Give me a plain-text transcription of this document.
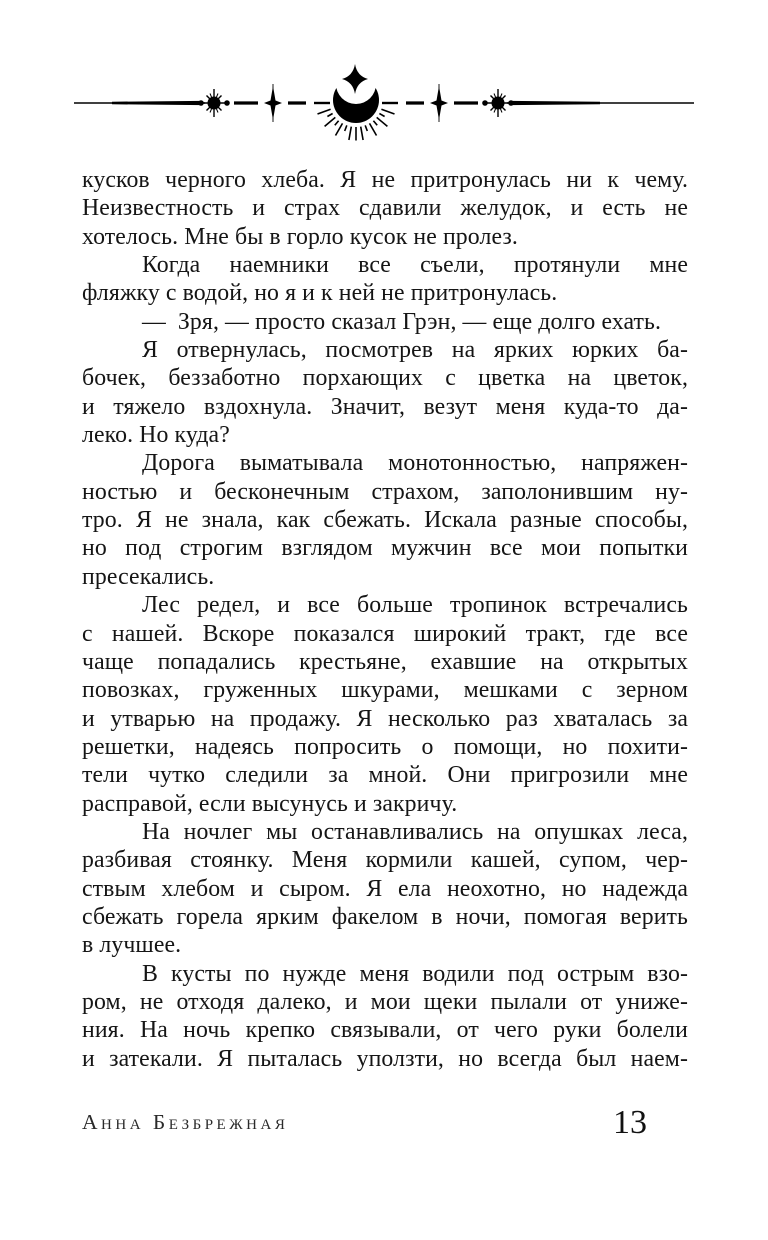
кусков черного хлеба. Я не притронулась ни к чему.
Неизвестность и страх сдавили желудок, и есть не
хотелось. Мне бы в горло кусок не пролез.
Когда наемники все съели, протянули мне
фляжку с водой, но я и к ней не притронулась.
— Зря, — просто сказал Грэн, — еще долго ехать.
Я отвернулась, посмотрев на ярких юрких ба-
бочек, беззаботно порхающих с цветка на цветок,
и тяжело вздохнула. Значит, везут меня куда-то да-
леко. Но куда?
Дорога выматывала монотонностью, напряжен-
ностью и бесконечным страхом, заполонившим ну-
тро. Я не знала, как сбежать. Искала разные способы,
но под строгим взглядом мужчин все мои попытки
пресекались.
Лес редел, и все больше тропинок встречались
с нашей. Вскоре показался широкий тракт, где все
чаще попадались крестьяне, ехавшие на открытых
повозках, груженных шкурами, мешками с зерном
и утварью на продажу. Я несколько раз хваталась за
решетки, надеясь попросить о помощи, но похити-
тели чутко следили за мной. Они пригрозили мне
расправой, если высунусь и закричу.
На ночлег мы останавливались на опушках леса,
разбивая стоянку. Меня кормили кашей, супом, чер-
ствым хлебом и сыром. Я ела неохотно, но надежда
сбежать горела ярким факелом в ночи, помогая верить
в лучшее.
В кусты по нужде меня водили под острым взо-
ром, не отходя далеко, и мои щеки пылали от униже-
ния. На ночь крепко связывали, от чего руки болели
и затекали. Я пыталась уползти, но всегда был наем-
Анна Безбрежная	13
